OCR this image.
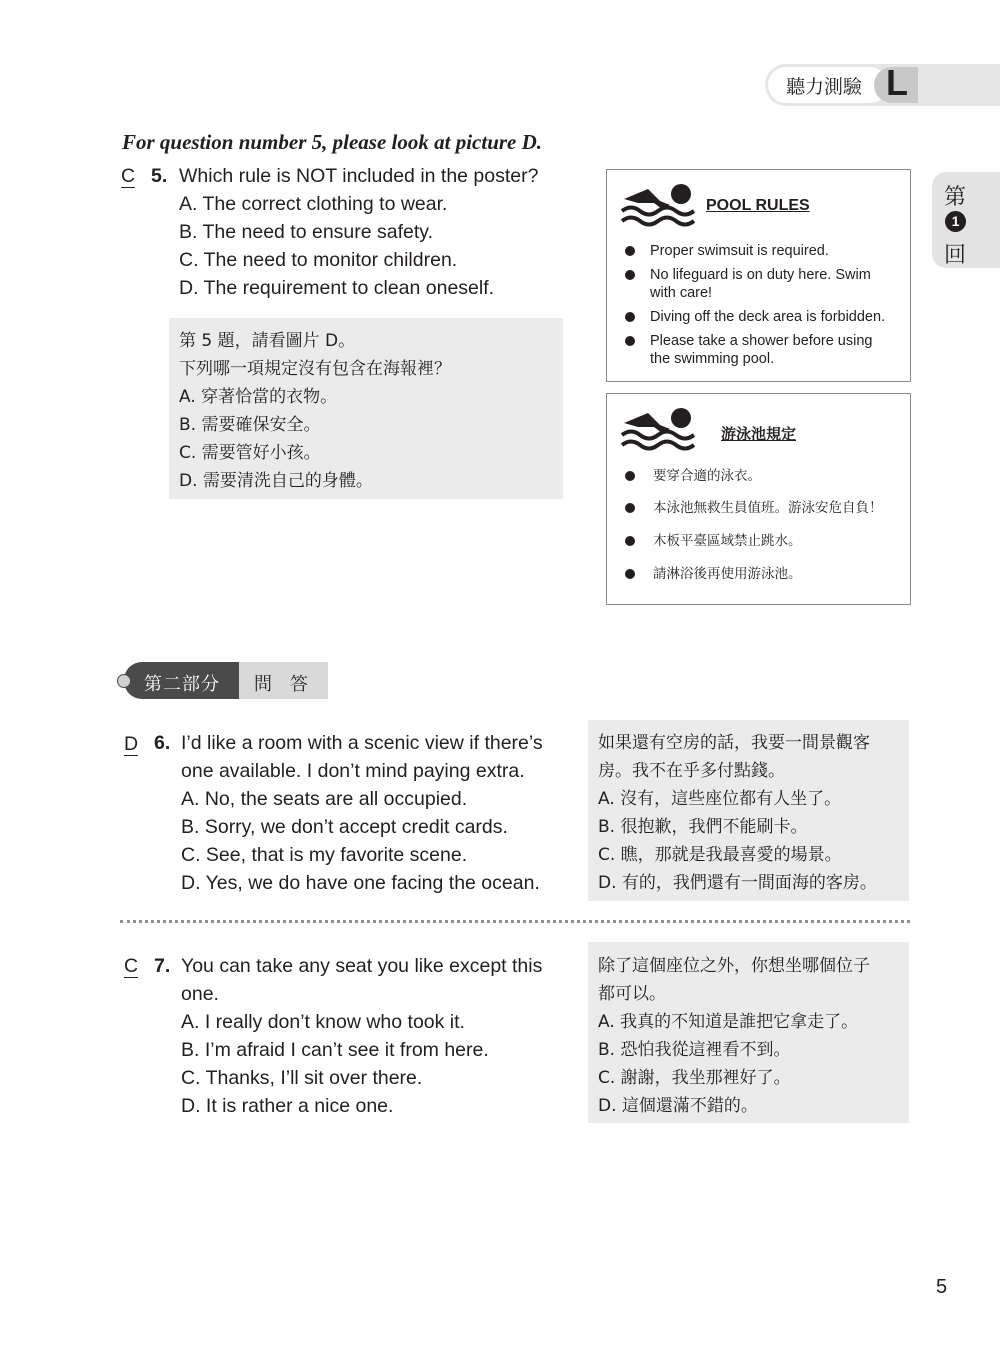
聽力測驗 L
第
1
回
For question number 5, please look at picture D.
C 5. Which rule is NOT included in the poster?
A. The correct clothing to wear.
B. The need to ensure safety.
C. The need to monitor children.
D. The requirement to clean oneself.
第 5 題，請看圖片 D。
下列哪一項規定沒有包含在海報裡？
A. 穿著恰當的衣物。
B. 需要確保安全。
C. 需要管好小孩。
D. 需要清洗自己的身體。
POOL RULES
Proper swimsuit is required.
No lifeguard is on duty here. Swim
with care!
Diving off the deck area is forbidden.
Please take a shower before using
the swimming pool.
游泳池規定
要穿合適的泳衣。
本泳池無救生員值班。游泳安危自負！
木板平臺區域禁止跳水。
請淋浴後再使用游泳池。
第二部分 問　答
D 6. I’d like a room with a scenic view if there’s
one available. I don’t mind paying extra.
A. No, the seats are all occupied.
B. Sorry, we don’t accept credit cards.
C. See, that is my favorite scene.
D. Yes, we do have one facing the ocean.
如果還有空房的話，我要一間景觀客
房。我不在乎多付點錢。
A. 沒有，這些座位都有人坐了。
B. 很抱歉，我們不能刷卡。
C. 瞧，那就是我最喜愛的場景。
D. 有的，我們還有一間面海的客房。
C 7. You can take any seat you like except this
one.
A. I really don’t know who took it.
B. I’m afraid I can’t see it from here.
C. Thanks, I’ll sit over there.
D. It is rather a nice one.
除了這個座位之外，你想坐哪個位子
都可以。
A. 我真的不知道是誰把它拿走了。
B. 恐怕我從這裡看不到。
C. 謝謝，我坐那裡好了。
D. 這個還滿不錯的。
5
